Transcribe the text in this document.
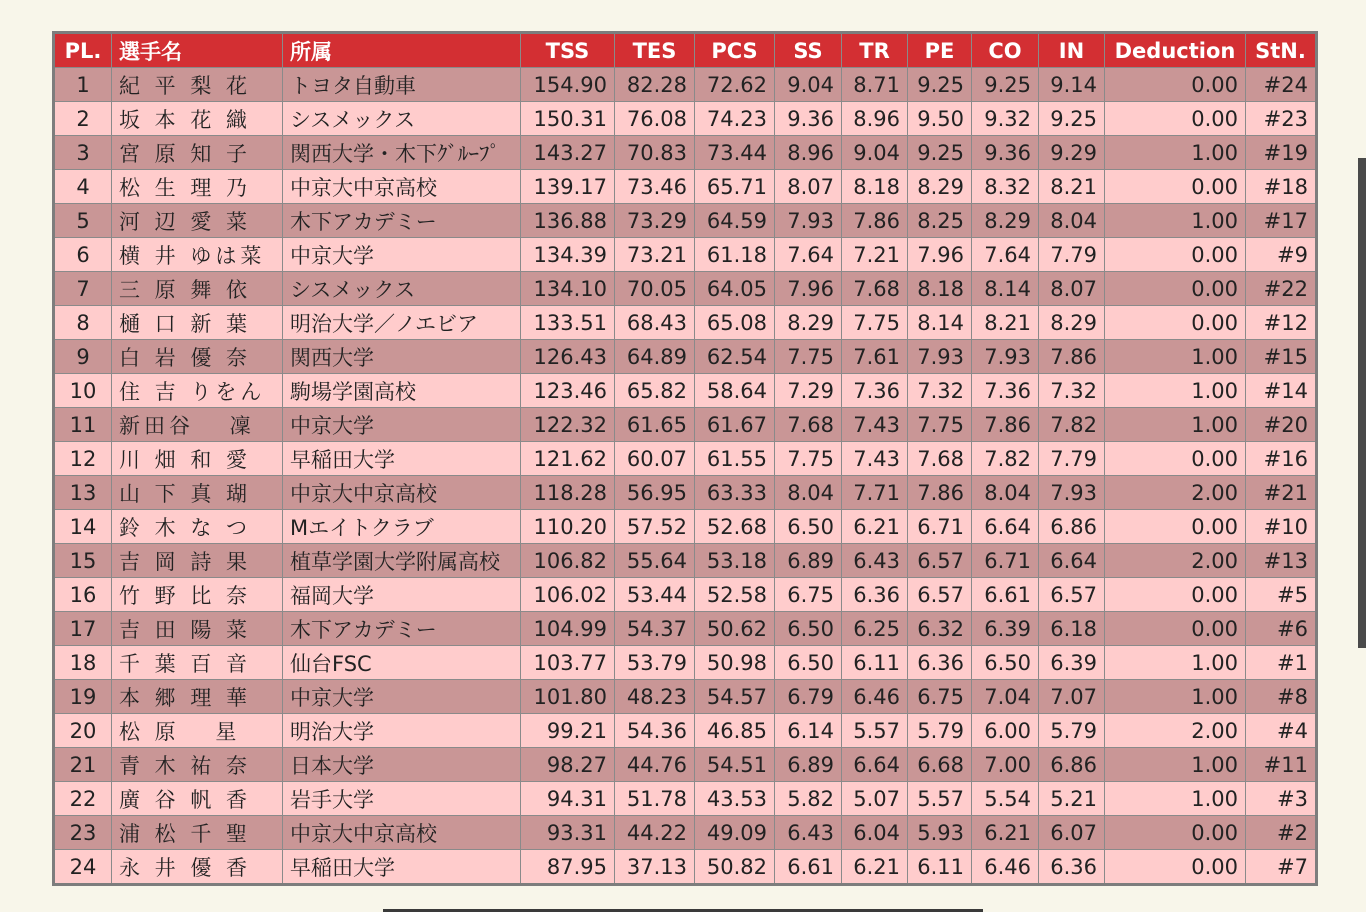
PL.	選手名	所属	TSS	TES	PCS	SS	TR	PE	CO	IN	Deduction	StN.
1	紀 平 梨 花	トヨタ自動車	154.90	82.28	72.62	9.04	8.71	9.25	9.25	9.14	0.00	#24
2	坂 本 花 織	シスメックス	150.31	76.08	74.23	9.36	8.96	9.50	9.32	9.25	0.00	#23
3	宮 原 知 子	関西大学・木下ｸﾞﾙｰﾌﾟ	143.27	70.83	73.44	8.96	9.04	9.25	9.36	9.29	1.00	#19
4	松 生 理 乃	中京大中京高校	139.17	73.46	65.71	8.07	8.18	8.29	8.32	8.21	0.00	#18
5	河 辺 愛 菜	木下アカデミー	136.88	73.29	64.59	7.93	7.86	8.25	8.29	8.04	1.00	#17
6	横 井 ゆは菜	中京大学	134.39	73.21	61.18	7.64	7.21	7.96	7.64	7.79	0.00	#9
7	三 原 舞 依	シスメックス	134.10	70.05	64.05	7.96	7.68	8.18	8.14	8.07	0.00	#22
8	樋 口 新 葉	明治大学／ノエビア	133.51	68.43	65.08	8.29	7.75	8.14	8.21	8.29	0.00	#12
9	白 岩 優 奈	関西大学	126.43	64.89	62.54	7.75	7.61	7.93	7.93	7.86	1.00	#15
10	住 吉 りをん	駒場学園高校	123.46	65.82	58.64	7.29	7.36	7.32	7.36	7.32	1.00	#14
11	新田谷　 凜	中京大学	122.32	61.65	61.67	7.68	7.43	7.75	7.86	7.82	1.00	#20
12	川 畑 和 愛	早稲田大学	121.62	60.07	61.55	7.75	7.43	7.68	7.82	7.79	0.00	#16
13	山 下 真 瑚	中京大中京高校	118.28	56.95	63.33	8.04	7.71	7.86	8.04	7.93	2.00	#21
14	鈴 木 な つ	Mエイトクラブ	110.20	57.52	52.68	6.50	6.21	6.71	6.64	6.86	0.00	#10
15	吉 岡 詩 果	植草学園大学附属高校	106.82	55.64	53.18	6.89	6.43	6.57	6.71	6.64	2.00	#13
16	竹 野 比 奈	福岡大学	106.02	53.44	52.58	6.75	6.36	6.57	6.61	6.57	0.00	#5
17	吉 田 陽 菜	木下アカデミー	104.99	54.37	50.62	6.50	6.25	6.32	6.39	6.18	0.00	#6
18	千 葉 百 音	仙台FSC	103.77	53.79	50.98	6.50	6.11	6.36	6.50	6.39	1.00	#1
19	本 郷 理 華	中京大学	101.80	48.23	54.57	6.79	6.46	6.75	7.04	7.07	1.00	#8
20	松 原　 星	明治大学	99.21	54.36	46.85	6.14	5.57	5.79	6.00	5.79	2.00	#4
21	青 木 祐 奈	日本大学	98.27	44.76	54.51	6.89	6.64	6.68	7.00	6.86	1.00	#11
22	廣 谷 帆 香	岩手大学	94.31	51.78	43.53	5.82	5.07	5.57	5.54	5.21	1.00	#3
23	浦 松 千 聖	中京大中京高校	93.31	44.22	49.09	6.43	6.04	5.93	6.21	6.07	0.00	#2
24	永 井 優 香	早稲田大学	87.95	37.13	50.82	6.61	6.21	6.11	6.46	6.36	0.00	#7
